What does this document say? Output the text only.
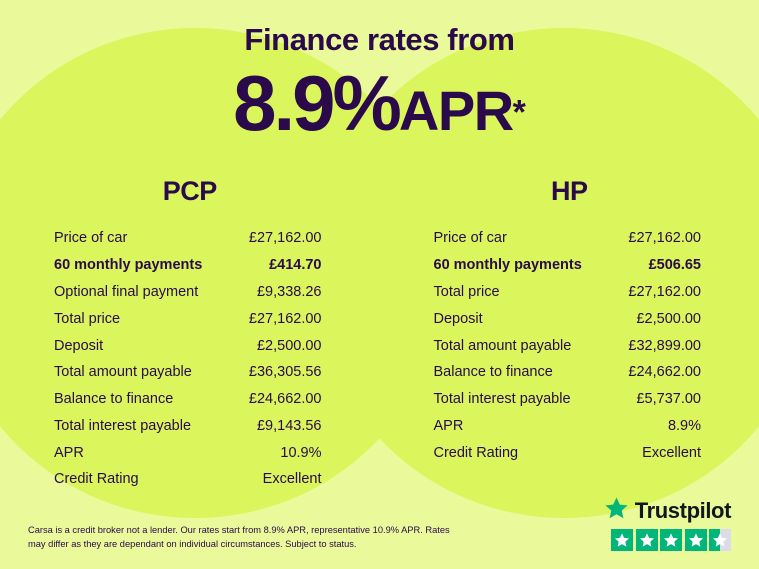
Finance rates from
8.9%APR*
PCP
Price of car	£27,162.00
60 monthly payments	£414.70
Optional final payment	£9,338.26
Total price	£27,162.00
Deposit	£2,500.00
Total amount payable	£36,305.56
Balance to finance	£24,662.00
Total interest payable	£9,143.56
APR	10.9%
Credit Rating	Excellent
HP
Price of car	£27,162.00
60 monthly payments	£506.65
Total price	£27,162.00
Deposit	£2,500.00
Total amount payable	£32,899.00
Balance to finance	£24,662.00
Total interest payable	£5,737.00
APR	8.9%
Credit Rating	Excellent
Carsa is a credit broker not a lender. Our rates start from 8.9% APR, representative 10.9% APR. Rates may differ as they are dependant on individual circumstances. Subject to status.
Trustpilot
